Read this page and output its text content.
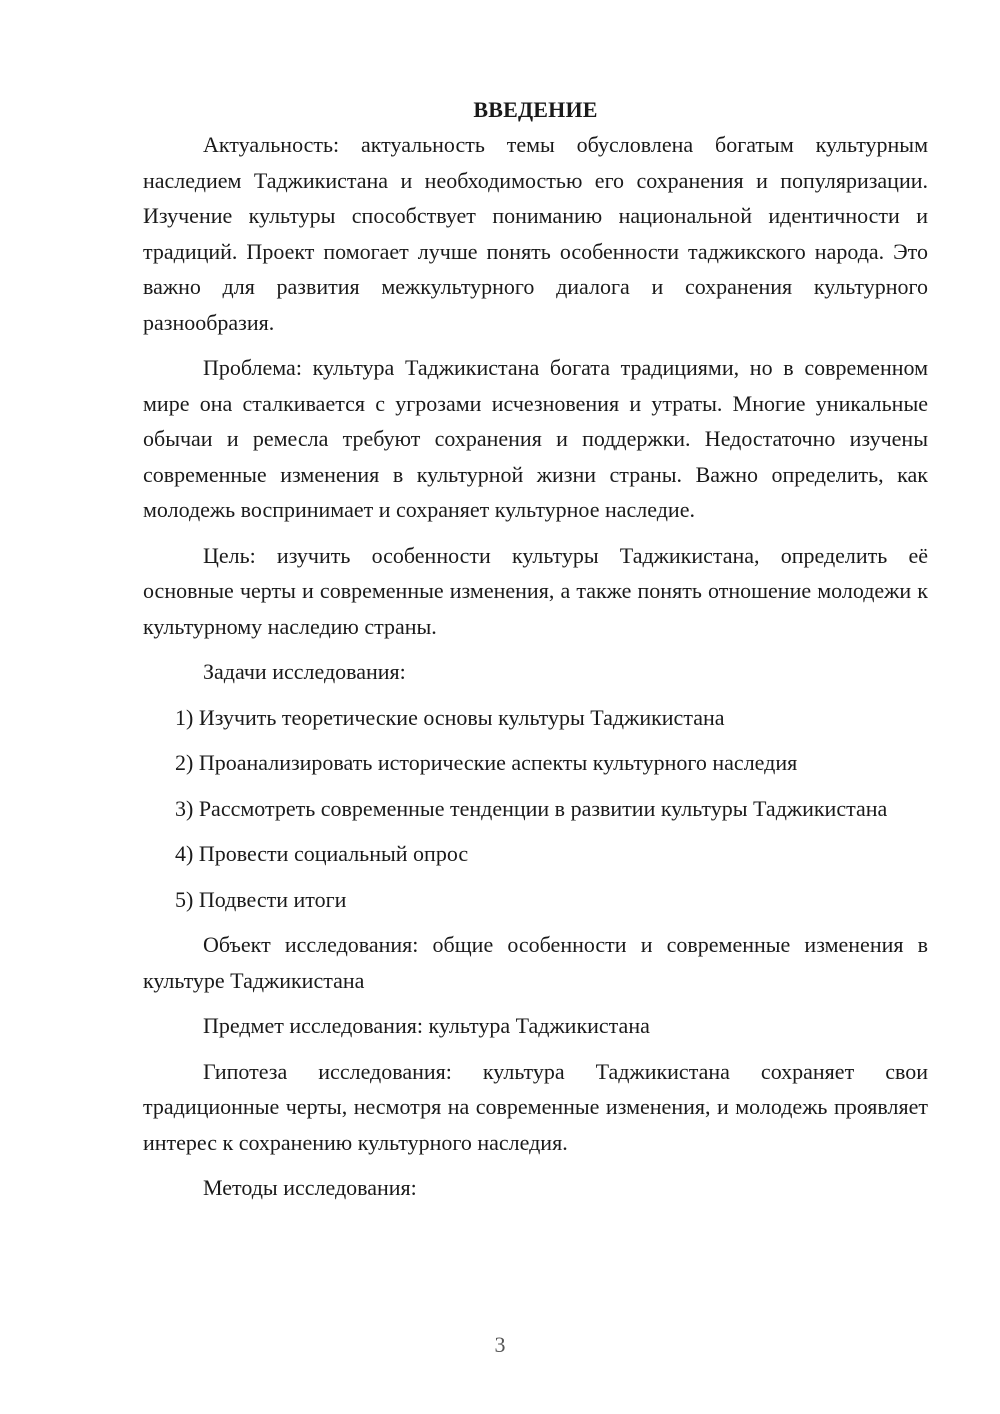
ВВЕДЕНИЕ

Актуальность: актуальность темы обусловлена богатым культурным наследием Таджикистана и необходимостью его сохранения и популяризации. Изучение культуры способствует пониманию национальной идентичности и традиций. Проект помогает лучше понять особенности таджикского народа. Это важно для развития межкультурного диалога и сохранения культурного разнообразия.

Проблема: культура Таджикистана богата традициями, но в современном мире она сталкивается с угрозами исчезновения и утраты. Многие уникальные обычаи и ремесла требуют сохранения и поддержки. Недостаточно изучены современные изменения в культурной жизни страны. Важно определить, как молодежь воспринимает и сохраняет культурное наследие.

Цель: изучить особенности культуры Таджикистана, определить её основные черты и современные изменения, а также понять отношение молодежи к культурному наследию страны.

Задачи исследования:

1) Изучить теоретические основы культуры Таджикистана

2) Проанализировать исторические аспекты культурного наследия

3) Рассмотреть современные тенденции в развитии культуры Таджикистана

4) Провести социальный опрос

5) Подвести итоги

Объект исследования: общие особенности и современные изменения в культуре Таджикистана

Предмет исследования: культура Таджикистана

Гипотеза исследования: культура Таджикистана сохраняет свои традиционные черты, несмотря на современные изменения, и молодежь проявляет интерес к сохранению культурного наследия.

Методы исследования:

3
